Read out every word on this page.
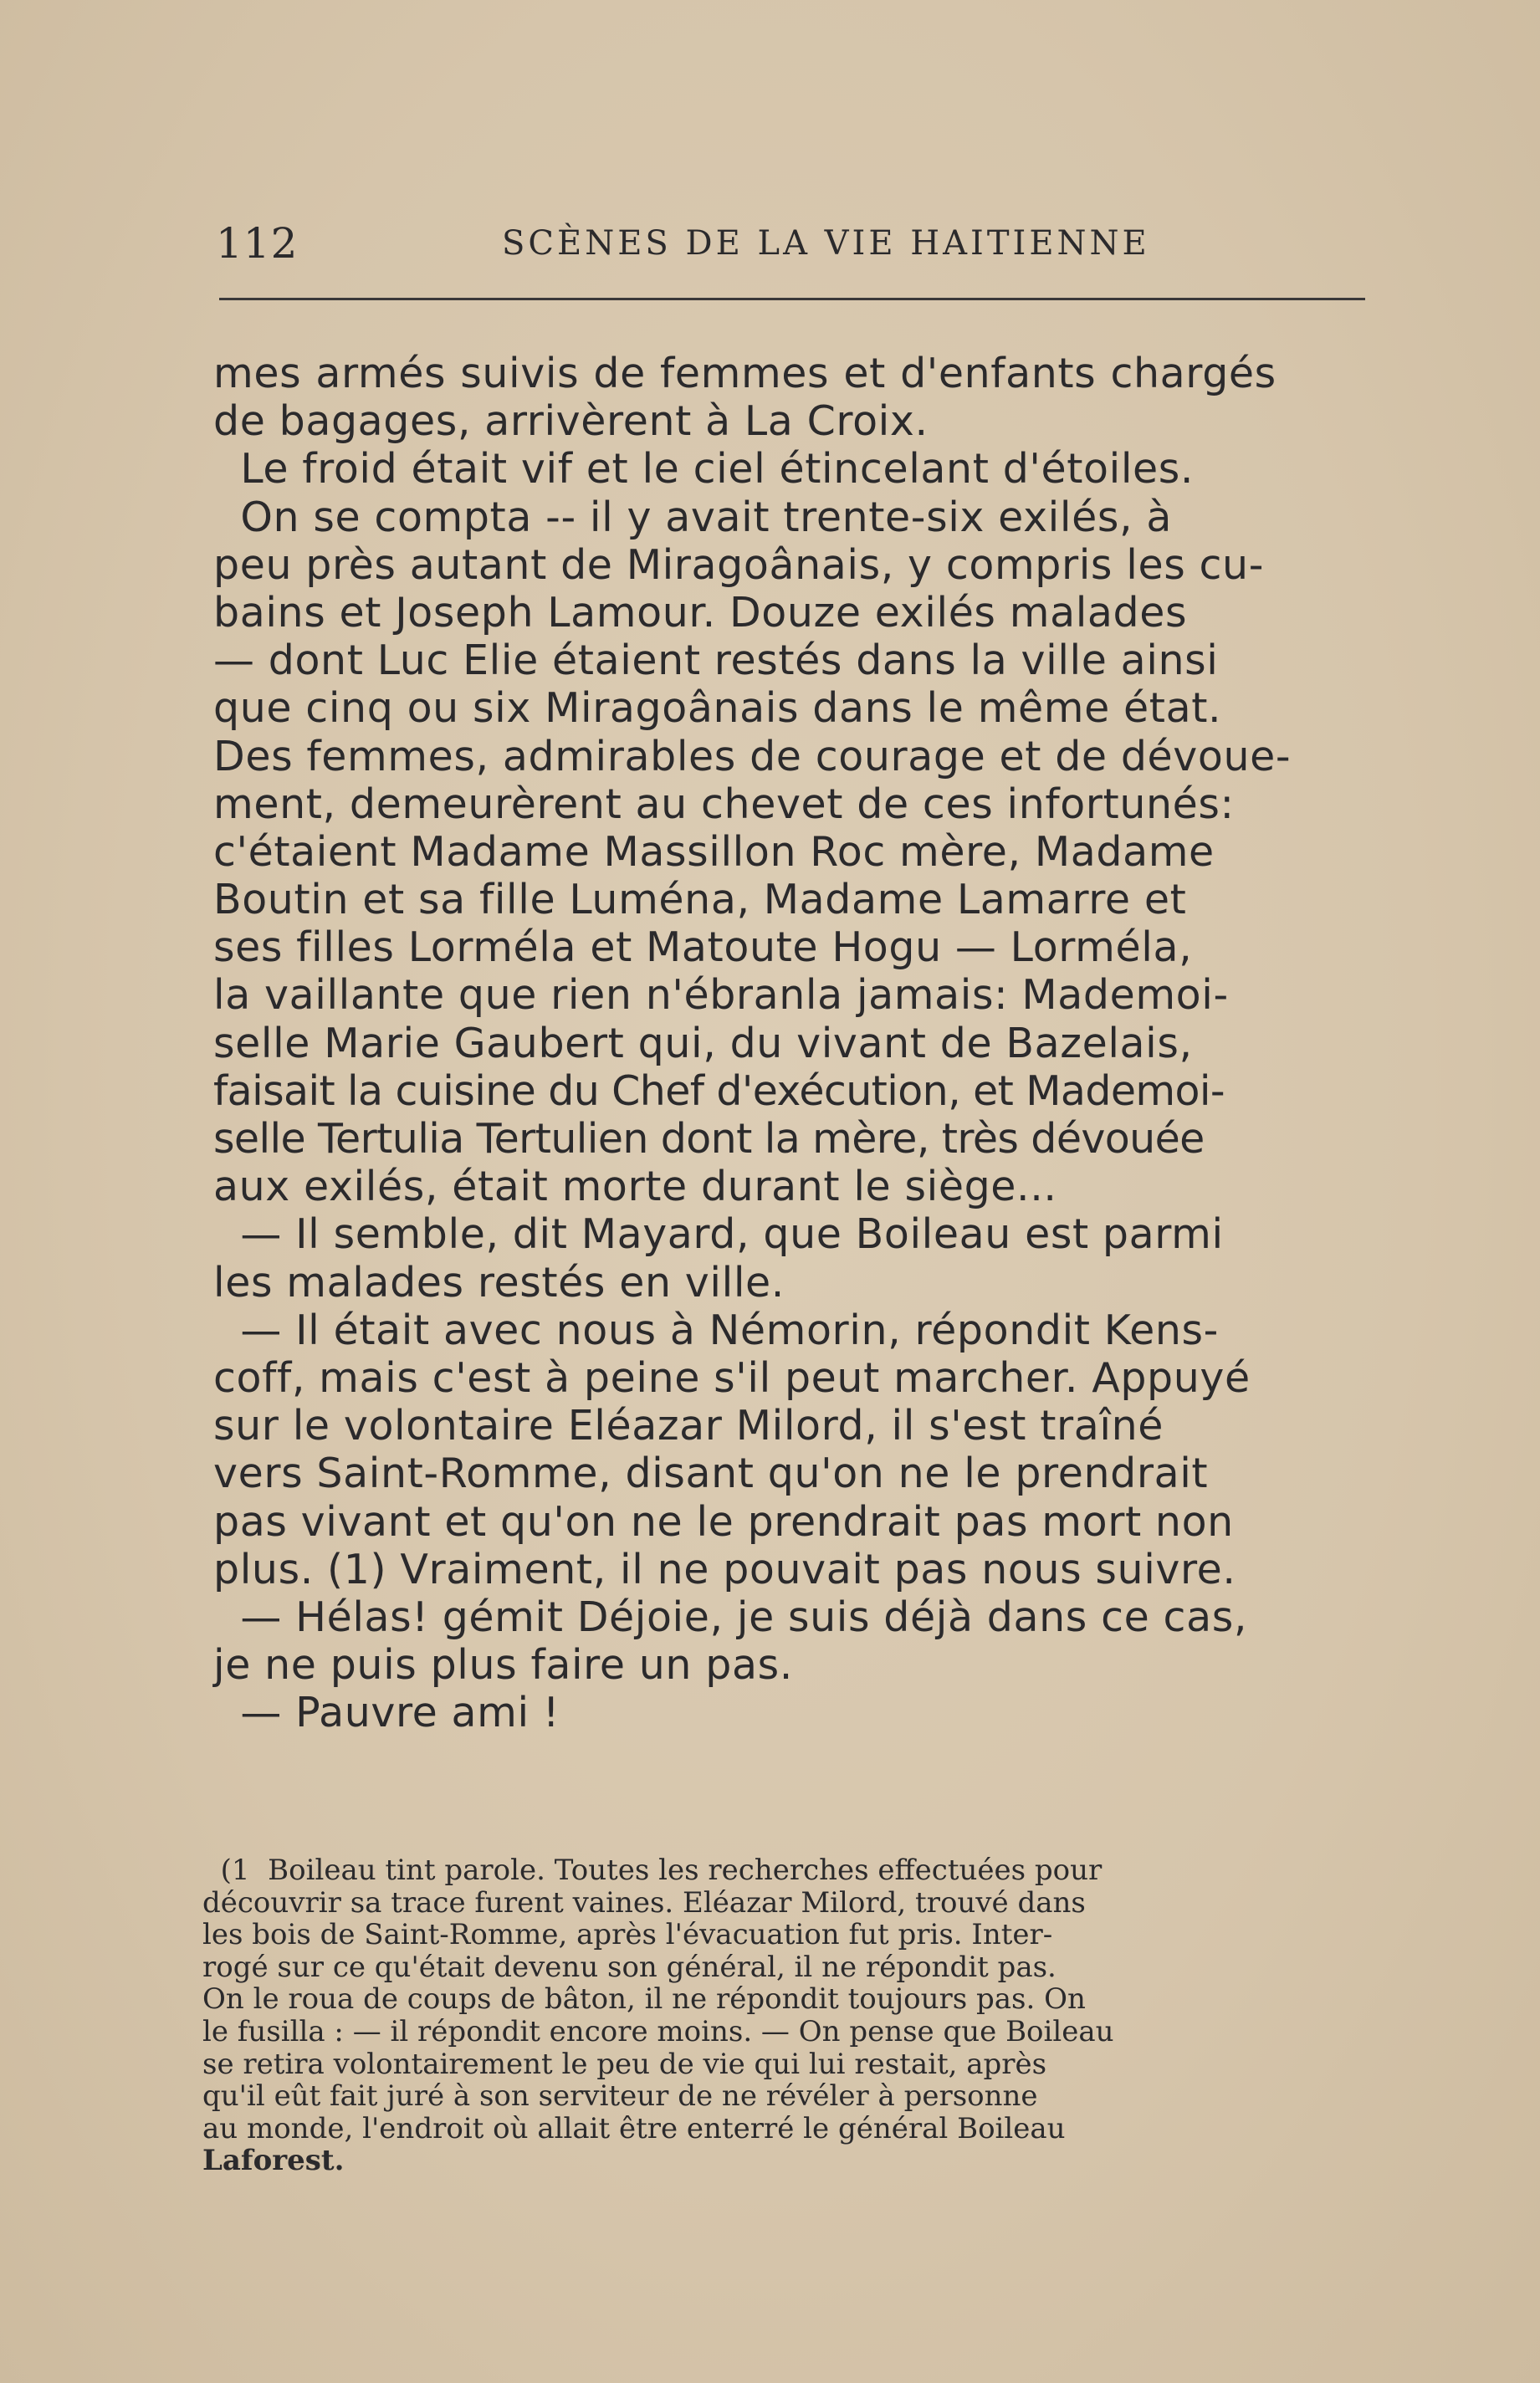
112	SCÈNES DE LA VIE HAITIENNE
mes armés suivis de femmes et d'enfants chargés
de bagages, arrivèrent à La Croix.
Le froid était vif et le ciel étincelant d'étoiles.
On se compta -- il y avait trente-six exilés, à
peu près autant de Miragoânais, y compris les cu-
bains et Joseph Lamour. Douze exilés malades
— dont Luc Elie étaient restés dans la ville ainsi
que cinq ou six Miragoânais dans le même état.
Des femmes, admirables de courage et de dévoue-
ment, demeurèrent au chevet de ces infortunés:
c'étaient Madame Massillon Roc mère, Madame
Boutin et sa fille Luména, Madame Lamarre et
ses filles Lorméla et Matoute Hogu — Lorméla,
la vaillante que rien n'ébranla jamais: Mademoi-
selle Marie Gaubert qui, du vivant de Bazelais,
faisait la cuisine du Chef d'exécution, et Mademoi-
selle Tertulia Tertulien dont la mère, très dévouée
aux exilés, était morte durant le siège...
— Il semble, dit Mayard, que Boileau est parmi
les malades restés en ville.
— Il était avec nous à Némorin, répondit Kens-
coff, mais c'est à peine s'il peut marcher. Appuyé
sur le volontaire Eléazar Milord, il s'est traîné
vers Saint-Romme, disant qu'on ne le prendrait
pas vivant et qu'on ne le prendrait pas mort non
plus. (1) Vraiment, il ne pouvait pas nous suivre.
— Hélas! gémit Déjoie, je suis déjà dans ce cas,
je ne puis plus faire un pas.
— Pauvre ami !
(1  Boileau tint parole. Toutes les recherches effectuées pour
découvrir sa trace furent vaines. Eléazar Milord, trouvé dans
les bois de Saint-Romme, après l'évacuation fut pris. Inter-
rogé sur ce qu'était devenu son général, il ne répondit pas.
On le roua de coups de bâton, il ne répondit toujours pas. On
le fusilla : — il répondit encore moins. — On pense que Boileau
se retira volontairement le peu de vie qui lui restait, après
qu'il eût fait juré à son serviteur de ne révéler à personne
au monde, l'endroit où allait être enterré le général Boileau
Laforest.
